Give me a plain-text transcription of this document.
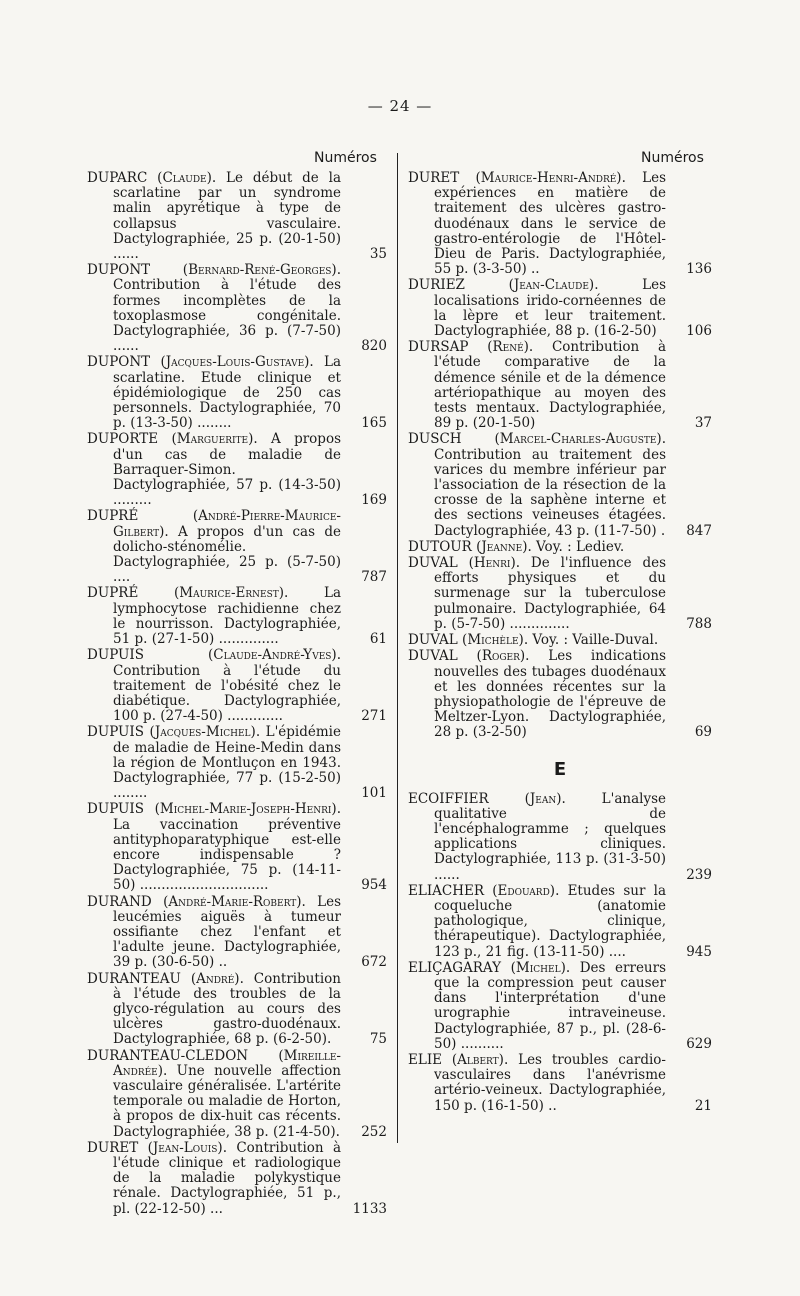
— 24 —
Numéros	Numéros
DUPARC (Claude). Le début de la scarlatine par un syndrome malin apyrétique à type de collapsus vasculaire. Dactylographiée, 25 p. (20-1-50) ......	35
DUPONT (Bernard-René-Georges). Contribution à l'étude des formes incomplètes de la toxoplasmose congénitale. Dactylographiée, 36 p. (7-7-50) ......	820
DUPONT (Jacques-Louis-Gustave). La scarlatine. Etude clinique et épidémiologique de 250 cas personnels. Dactylographiée, 70 p. (13-3-50) ........	165
DUPORTE (Marguerite). A propos d'un cas de maladie de Barraquer-Simon. Dactylographiée, 57 p. (14-3-50) .........	169
DUPRÉ	(André-Pierre-Maurice-Gilbert). A propos d'un cas de dolicho-sténomélie. Dactylographiée, 25 p. (5-7-50) ....	787
DUPRÉ	(Maurice-Ernest). La lymphocytose rachidienne chez le nourrisson. Dactylographiée, 51 p. (27-1-50) ..............	61
DUPUIS	(Claude-André-Yves). Contribution à l'étude du traitement de l'obésité chez le diabétique. Dactylographiée, 100 p. (27-4-50) .............	271
DUPUIS (Jacques-Michel). L'épidémie de maladie de Heine-Medin dans la région de Montluçon en 1943. Dactylographiée, 77 p. (15-2-50) ........	101
DUPUIS (Michel-Marie-Joseph-Henri). La vaccination préventive antityphoparatyphique est-elle encore indispensable ? Dactylographiée, 75 p. (14-11-50) ..............................	954
DURAND (André-Marie-Robert). Les leucémies aiguës à tumeur ossifiante chez l'enfant et l'adulte jeune. Dactylographiée, 39 p. (30-6-50) ..	672
DURANTEAU (André). Contribution à l'étude des troubles de la glyco-régulation au cours des ulcères gastro-duodénaux. Dactylographiée, 68 p. (6-2-50).	75
DURANTEAU-CLEDON (Mireille-Andrée). Une nouvelle affection vasculaire généralisée. L'artérite temporale ou maladie de Horton, à propos de dix-huit cas récents. Dactylographiée, 38 p. (21-4-50). 252
DURET (Jean-Louis). Contribution à l'étude clinique et radiologique de la maladie polykystique rénale. Dactylographiée, 51 p., pl. (22-12-50) ...	1133
DURET (Maurice-Henri-André). Les expériences en matière de traitement des ulcères gastro-duodénaux dans le service de gastro-entérologie de l'Hôtel-Dieu de Paris. Dactylographiée, 55 p. (3-3-50) ..	136
DURIEZ	(Jean-Claude). Les localisations irido-cornéennes de la lèpre et leur traitement. Dactylographiée, 88 p. (16-2-50)	106
DURSAP (René). Contribution à l'étude comparative de la démence sénile et de la démence artériopathique au moyen des tests mentaux. Dactylographiée, 89 p. (20-1-50)	37
DUSCH (Marcel-Charles-Auguste). Contribution au traitement des varices du membre inférieur par l'association de la résection de la crosse de la saphène interne et des sections veineuses étagées. Dactylographiée, 43 p. (11-7-50) . 847
DUTOUR (Jeanne). Voy. : Lediev.
DUVAL (Henri). De l'influence des efforts physiques et du surmenage sur la tuberculose pulmonaire. Dactylographiée, 64 p. (5-7-50) ..............	788
DUVAL (Michèle). Voy. : Vaille-Duval.
DUVAL (Roger). Les indications nouvelles des tubages duodénaux et les données récentes sur la physiopathologie de l'épreuve de Meltzer-Lyon. Dactylographiée, 28 p. (3-2-50)	69
E
ECOIFFIER	(Jean). L'analyse qualitative de l'encéphalogramme ; quelques applications cliniques. Dactylographiée, 113 p. (31-3-50) ......	239
ELIACHER (Edouard). Etudes sur la coqueluche (anatomie pathologique, clinique, thérapeutique). Dactylographiée, 123 p., 21 fig. (13-11-50) ....	945
ELIÇAGARAY (Michel). Des erreurs que la compression peut causer dans l'interprétation d'une urographie intraveineuse. Dactylographiée, 87 p., pl. (28-6-50) ..........	629
ELIE (Albert). Les troubles cardio-vasculaires dans l'anévrisme artério-veineux. Dactylographiée, 150 p. (16-1-50) ..	21
